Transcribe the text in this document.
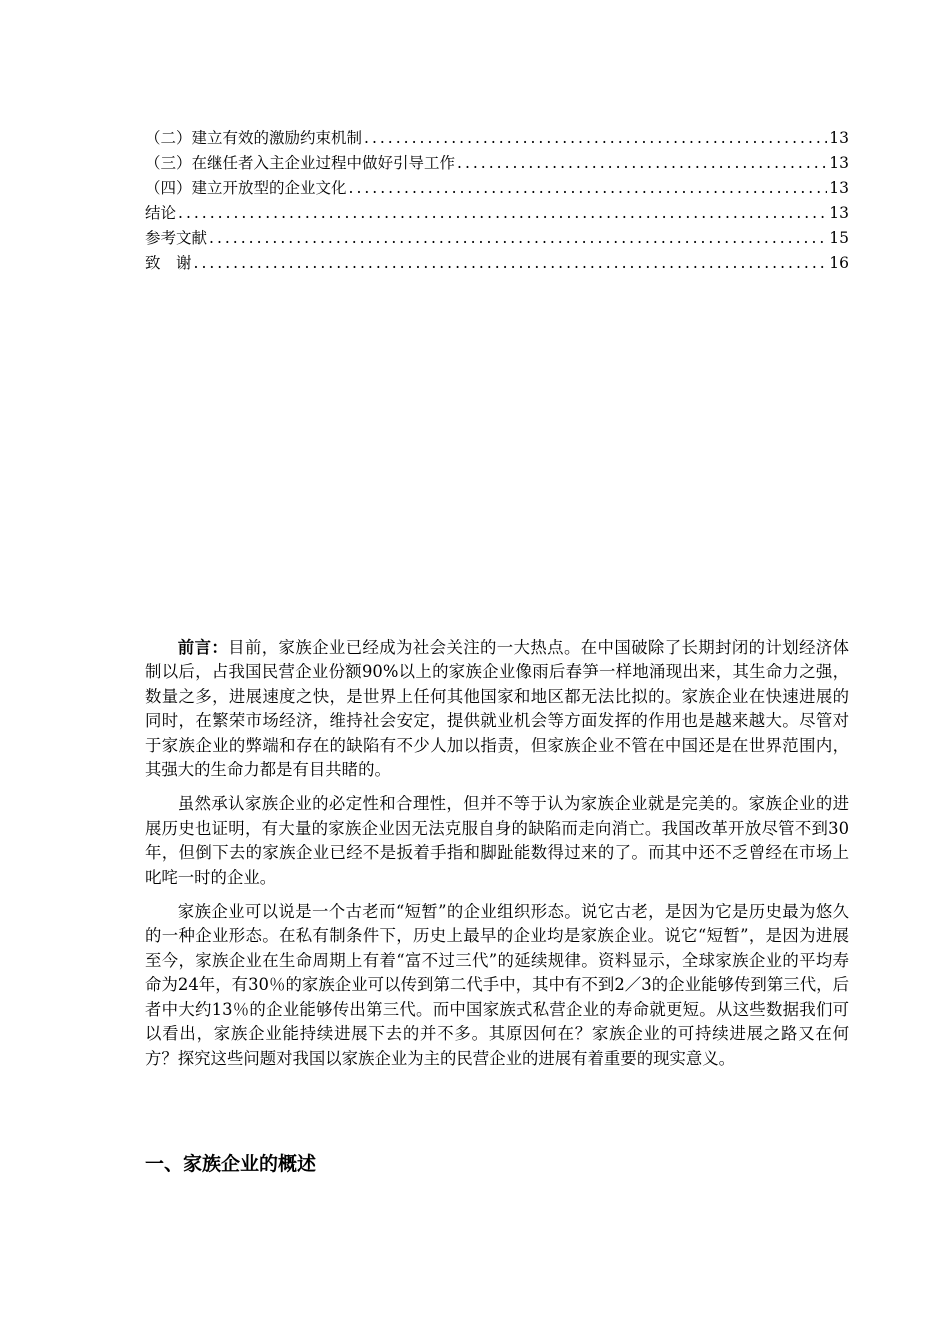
（二） 建立有效的激励约束机制 .....	13
（三） 在继任者入主企业过程中做好引导工作 .....	13
（四） 建立开放型的企业文化 .....	13
结论 .....	13
参考文献 .....	15
致　谢 .....	16

前言：目前，家族企业已经成为社会关注的一大热点。在中国破除了长期封闭的计划经济体制以后，占我国民营企业份额90%以上的家族企业像雨后春笋一样地涌现出来，其生命力之强，数量之多，进展速度之快，是世界上任何其他国家和地区都无法比拟的。家族企业在快速进展的同时，在繁荣市场经济，维持社会安定，提供就业机会等方面发挥的作用也是越来越大。尽管对于家族企业的弊端和存在的缺陷有不少人加以指责，但家族企业不管在中国还是在世界范围内，其强大的生命力都是有目共睹的。

虽然承认家族企业的必定性和合理性，但并不等于认为家族企业就是完美的。家族企业的进展历史也证明，有大量的家族企业因无法克服自身的缺陷而走向消亡。我国改革开放尽管不到30年，但倒下去的家族企业已经不是扳着手指和脚趾能数得过来的了。而其中还不乏曾经在市场上叱咤一时的企业。

家族企业可以说是一个古老而“短暂”的企业组织形态。说它古老，是因为它是历史最为悠久的一种企业形态。在私有制条件下，历史上最早的企业均是家族企业。说它“短暂”，是因为进展至今，家族企业在生命周期上有着“富不过三代”的延续规律。资料显示，全球家族企业的平均寿命为24年，有30％的家族企业可以传到第二代手中，其中有不到2／3的企业能够传到第三代，后者中大约13％的企业能够传出第三代。而中国家族式私营企业的寿命就更短。从这些数据我们可以看出，家族企业能持续进展下去的并不多。其原因何在？家族企业的可持续进展之路又在何方？探究这些问题对我国以家族企业为主的民营企业的进展有着重要的现实意义。

一、家族企业的概述
